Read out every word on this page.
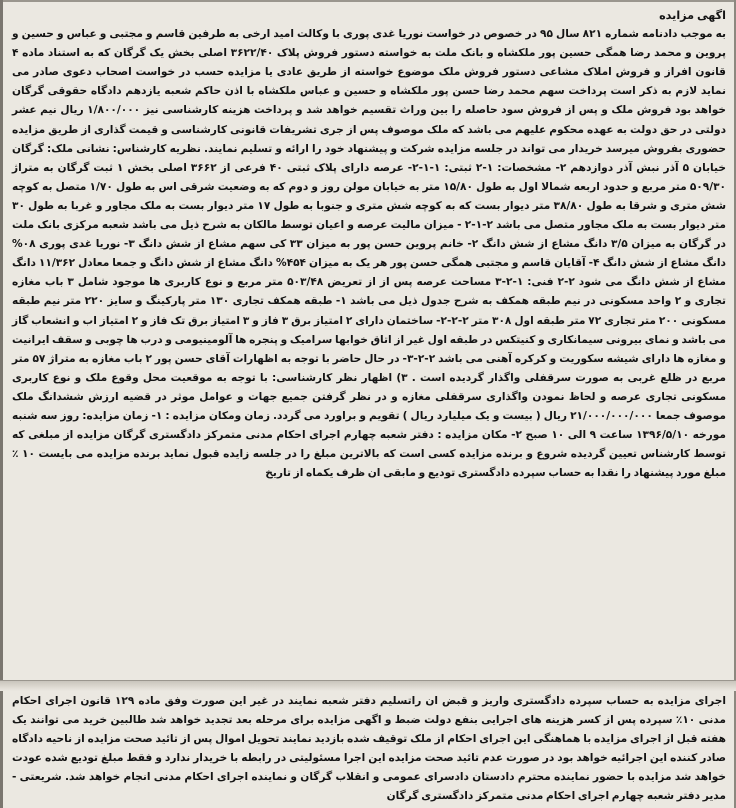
اگهی مزایده
به موجب دادنامه شماره ۸۲۱ سال ۹۵ در خصوص در خواست نوریا غدی پوری با وکالت امید ارخی به طرفین قاسم و مجتبی و عباس و حسین و پروین و محمد رضا همگی حسین پور ملکشاه و بانک ملت به خواسته دستور فروش پلاک ۳۶۲۲/۴۰ اصلی بخش یک گرگان که به استناد ماده ۴ قانون افراز و فروش املاک مشاعی دستور فروش ملک موضوع خواسته از طریق عادی یا مزایده حسب در خواست اصحاب دعوی صادر می نماید لازم به ذکر است پرداخت سهم محمد رضا حسن پور ملکشاه و حسین و عباس ملکشاه با اذن حاکم شعبه یازدهم دادگاه حقوقی گرگان خواهد بود فروش ملک و پس از فروش سود حاصله را بین وراث تقسیم خواهد شد و پرداخت هزینه کارشناسی نیز ۱/۸۰۰/۰۰۰ ریال نیم عشر دولتی در حق دولت به عهده محکوم علیهم می باشد که ملک موصوف پس از جری تشریفات قانونی کارشناسی و قیمت گذاری از طریق مزایده حضوری بفروش میرسد خریدار می تواند در جلسه مزایده شرکت و پیشنهاد خود را ارائه و تسلیم نمایند. نظریه کارشناس: نشانی ملک: گرگان خیابان ۵ آذر نبش آذر دوازدهم ۲- مشخصات: ۱-۲ ثبتی: ۱-۱-۲- عرصه دارای پلاک ثبتی ۴۰ فرعی از ۳۶۶۲ اصلی بخش ۱ ثبت گرگان به متراژ ۵۰۹/۳۰ متر مربع و حدود اربعه شمالا اول به طول ۱۵/۸۰ متر به خیابان مولن روز و دوم که به وضعیت شرقی اس به طول ۱/۷۰ متصل به کوچه شش متری و شرقا به طول ۳۸/۸۰ متر دیوار بست که به کوچه شش متری و جنوبا به طول ۱۷ متر دیوار بست به ملک مجاور و غربا به طول ۳۰ متر دیوار بست به ملک مجاور متصل می باشد ۲-۱-۲ - میزان مالیت عرصه و اعیان توسط مالکان به شرح ذیل می باشد شعبه مرکزی بانک ملت در گرگان به میزان ۳/۵ دانگ مشاع از شش دانگ ۲- خانم پروین حسن پور به میزان ۳۳ کی سهم مشاع از شش دانگ ۳- نوریا غدی پوری ۰۸% دانگ مشاع از شش دانگ ۴- آقایان قاسم و مجتبی همگی حسن پور هر یک به میزان ۴۵۴% دانگ مشاع از شش دانگ و جمعا معادل ۱۱/۳۶۲ دانگ مشاع از شش دانگ می شود ۲-۲ فنی: ۱-۲-۳ مساحت عرصه پس از از تعریض ۵۰۳/۴۸ متر مربع و نوع کاربری ها موجود شامل ۳ باب مغازه تجاری و ۲ واحد مسکونی در نیم طبقه همکف به شرح جدول ذیل می باشد ۱- طبقه همکف تجاری ۱۳۰ متر پارکینگ و سایز ۲۲۰ متر نیم طبقه مسکونی ۲۰۰ متر تجاری ۷۲ متر طبقه اول ۳۰۸ متر ۲-۲-۲- ساختمان دارای ۲ امتیاز برق ۳ فاز و ۳ امتیاز برق تک فاز و ۲ امتیاز اب و انشعاب گاز می باشد و نمای بیرونی سیمانکاری و کنیتکس در طبقه اول غیر از اتاق خوابها سرامیک و پنجره ها آلومینیومی و درب ها چوبی و سقف ایرانیت و مغازه ها دارای شیشه سکوریت و کرکره آهنی می باشد ۲-۲-۳- در حال حاضر با توجه به اظهارات آقای حسن پور ۲ باب مغازه به متراژ ۵۷ متر مربع در ظلع غربی به صورت سرقفلی واگذار گردیده است . ۳) اظهار نظر کارشناسی: با توجه به موقعیت محل وقوع ملک و نوع کاربری مسکونی تجاری عرصه و لحاظ نمودن واگذاری سرقفلی مغازه و در نظر گرفتن جمیع جهات و عوامل موثر در قضیه ارزش ششدانگ ملک موصوف جمعا ۲۱/۰۰۰/۰۰۰/۰۰۰ ریال ( بیست و یک میلیارد ریال ) تقویم و براورد می گردد. زمان ومکان مزایده : ۱- زمان مزایده: روز سه شنبه مورخه ۱۳۹۶/۵/۱۰ ساعت ۹ الی ۱۰ صبح ۲- مکان مزایده : دفتر شعبه چهارم اجرای احکام مدنی متمرکز دادگستری گرگان مزایده از مبلغی که توسط کارشناس تعیین گردیده شروع و برنده مزایده کسی است که بالاترین مبلغ را در جلسه زایده قبول نماید برنده مزایده می بایست ۱۰ ٪ مبلغ مورد پیشنهاد را نقدا به حساب سپرده دادگستری تودیع و مابقی ان ظرف یکماه از تاریخ
اجرای مزایده به حساب سپرده دادگستری واریز و قبض ان راتسلیم دفتر شعبه نمایند در غیر این صورت وفق ماده ۱۲۹ قانون اجرای احکام مدنی ۱۰٪ سپرده پس از کسر هزینه های اجرایی بنفع دولت ضبط و اگهی مزایده برای مرحله بعد تجدید خواهد شد طالبین خرید می توانند یک هفته قبل از اجرای مزایده با هماهنگی این اجرای احکام از ملک توقیف شده بازدید نمایند تحویل اموال پس از تائید صحت مزایده از ناحیه دادگاه صادر کننده این اجرائیه خواهد بود در صورت عدم تائید صحت مزایده این اجرا مسئولیتی در رابطه با خریدار ندارد و فقط مبلغ تودیع شده عودت خواهد شد مزایده با حضور نماینده محترم دادستان دادسرای عمومی و انقلاب گرگان و نماینده اجرای احکام مدنی انجام خواهد شد. شریعتی - مدیر دفتر شعبه چهارم اجرای احکام مدنی متمرکز دادگستری گرگان
